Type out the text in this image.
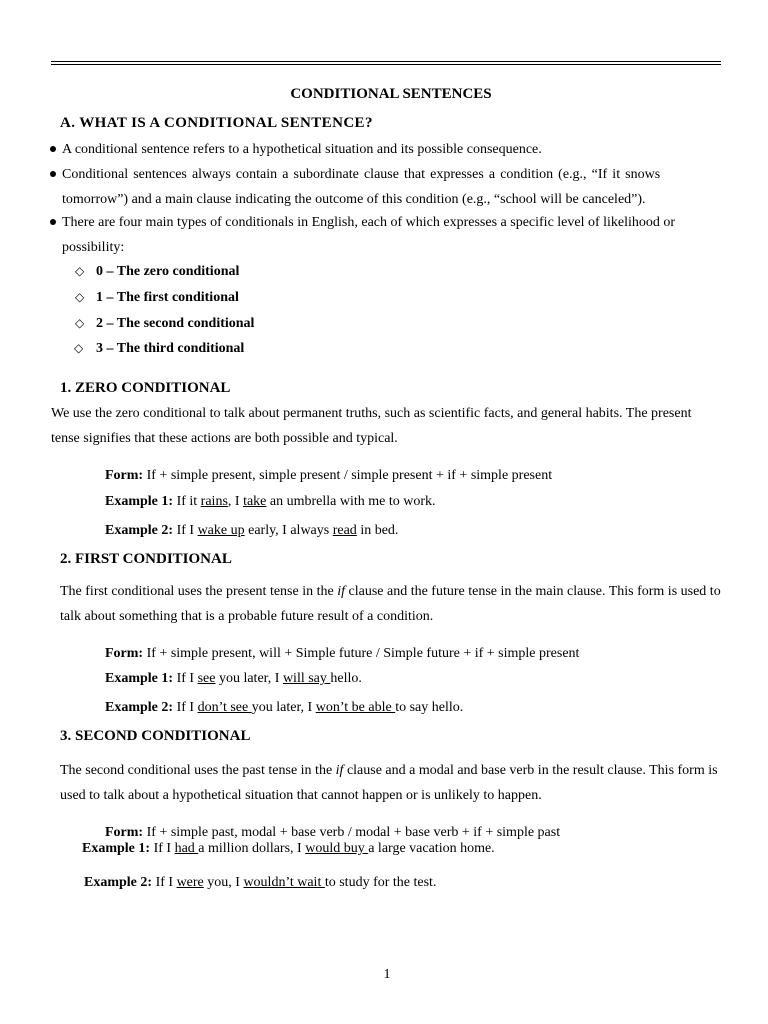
CONDITIONAL SENTENCES
A. WHAT IS A CONDITIONAL SENTENCE?
A conditional sentence refers to a hypothetical situation and its possible consequence.
Conditional sentences always contain a subordinate clause that expresses a condition (e.g., “If it snows
tomorrow”) and a main clause indicating the outcome of this condition (e.g., “school will be canceled”).
There are four main types of conditionals in English, each of which expresses a specific level of likelihood or
possibility:
◇ 0 – The zero conditional
◇ 1 – The first conditional
◇ 2 – The second conditional
◇ 3 – The third conditional
1. ZERO CONDITIONAL
We use the zero conditional to talk about permanent truths, such as scientific facts, and general habits. The present
tense signifies that these actions are both possible and typical.
Form: If + simple present, simple present / simple present + if + simple present
Example 1: If it rains, I take an umbrella with me to work.
Example 2: If I wake up early, I always read in bed.
2. FIRST CONDITIONAL
The first conditional uses the present tense in the if clause and the future tense in the main clause. This form is used to
talk about something that is a probable future result of a condition.
Form: If + simple present, will + Simple future / Simple future + if + simple present
Example 1: If I see you later, I will say hello.
Example 2: If I don’t see you later, I won’t be able to say hello.
3. SECOND CONDITIONAL
The second conditional uses the past tense in the if clause and a modal and base verb in the result clause. This form is
used to talk about a hypothetical situation that cannot happen or is unlikely to happen.
Form: If + simple past, modal + base verb / modal + base verb + if + simple past
Example 1: If I had a million dollars, I would buy a large vacation home.
Example 2: If I were you, I wouldn’t wait to study for the test.
1
